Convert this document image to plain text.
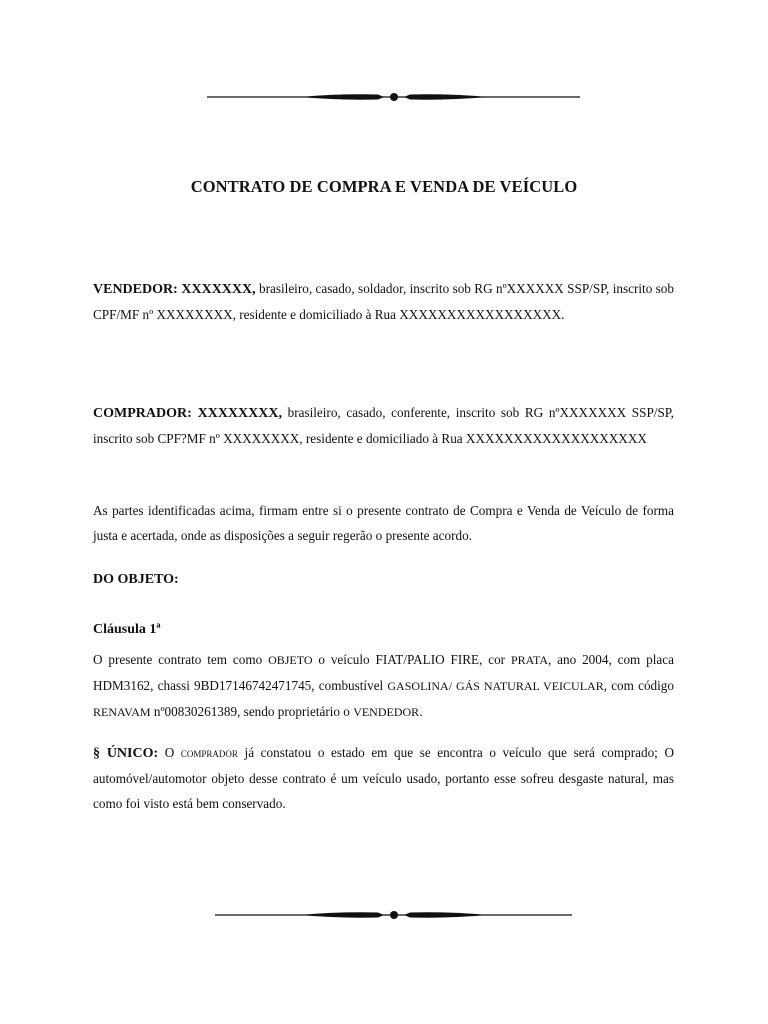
CONTRATO DE COMPRA E VENDA DE VEÍCULO

VENDEDOR: XXXXXXX, brasileiro, casado, soldador, inscrito sob RG nºXXXXXX SSP/SP, inscrito sob CPF/MF nº XXXXXXXX, residente e domiciliado à Rua XXXXXXXXXXXXXXXXX.

COMPRADOR: XXXXXXXX, brasileiro, casado, conferente, inscrito sob RG nºXXXXXXX SSP/SP, inscrito sob CPF?MF nº XXXXXXXX, residente e domiciliado à Rua XXXXXXXXXXXXXXXXXXX

As partes identificadas acima, firmam entre si o presente contrato de Compra e Venda de Veículo de forma justa e acertada, onde as disposições a seguir regerão o presente acordo.

DO OBJETO:
Cláusula 1ª

O presente contrato tem como OBJETO o veículo FIAT/PALIO FIRE, cor PRATA, ano 2004, com placa HDM3162, chassi 9BD17146742471745, combustível GASOLINA/ GÁS NATURAL VEICULAR, com código RENAVAM nº00830261389, sendo proprietário o VENDEDOR.

§ ÚNICO: O comprador já constatou o estado em que se encontra o veículo que será comprado; O automóvel/automotor objeto desse contrato é um veículo usado, portanto esse sofreu desgaste natural, mas como foi visto está bem conservado.
